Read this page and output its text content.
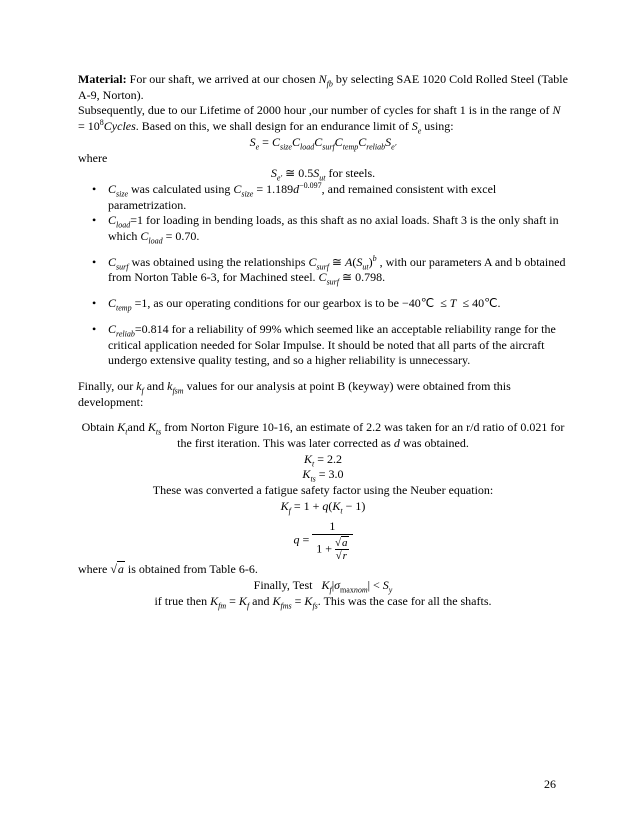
Material: For our shaft, we arrived at our chosen $N_{fb}$ by selecting SAE 1020 Cold Rolled Steel (Table A-9, Norton).

Subsequently, due to our Lifetime of 2000 hour ,our number of cycles for shaft 1 is in the range of $N = 10^8Cycles$. Based on this, we shall design for an endurance limit of $S_e$ using:

$S_e = C_{size}C_{load}C_{surf}C_{temp}C_{reliab}S_{e'}$

where

$S_{e'}$ ≅ $0.5S_{ut}$ for steels.

• $C_{size}$ was calculated using $C_{size} = 1.189d^{-0.097}$, and remained consistent with excel parametrization.
• $C_{load}=1$ for loading in bending loads, as this shaft as no axial loads. Shaft 3 is the only shaft in which $C_{load} = 0.70$.
• $C_{surf}$ was obtained using the relationships $C_{surf}$ ≅ $A(S_{ut})^b$ , with our parameters A and b obtained from Norton Table 6-3, for Machined steel. $C_{surf}$ ≅ 0.798.
• $C_{temp} =1$, as our operating conditions for our gearbox is to be −40℃  ≤ T  ≤ 40℃.
• $C_{reliab}=0.814$ for a reliability of 99% which seemed like an acceptable reliability range for the critical application needed for Solar Impulse. It should be noted that all parts of the aircraft undergo extensive quality testing, and so a higher reliability is unnecessary.

Finally, our $k_f$ and $k_{fsm}$ values for our analysis at point B (keyway) were obtained from this development:

Obtain $K_tand$ $K_{ts}$ from Norton Figure 10-16, an estimate of 2.2 was taken for an r/d ratio of 0.021 for the first iteration. This was later corrected as d was obtained.

$K_t = 2.2$

$K_{ts} = 3.0$

These was converted a fatigue safety factor using the Neuber equation:

$K_f = 1 + q(K_t - 1)$

$q = \frac{1}{1 + \frac{√a}{√r}}$

where √a is obtained from Table 6-6.

Finally, Test   $K_f|\sigma_{maxnom}| < S_y$

if true then $K_{fm} = K_f$ and $K_{fms} = K_{fs}$. This was the case for all the shafts.

26
